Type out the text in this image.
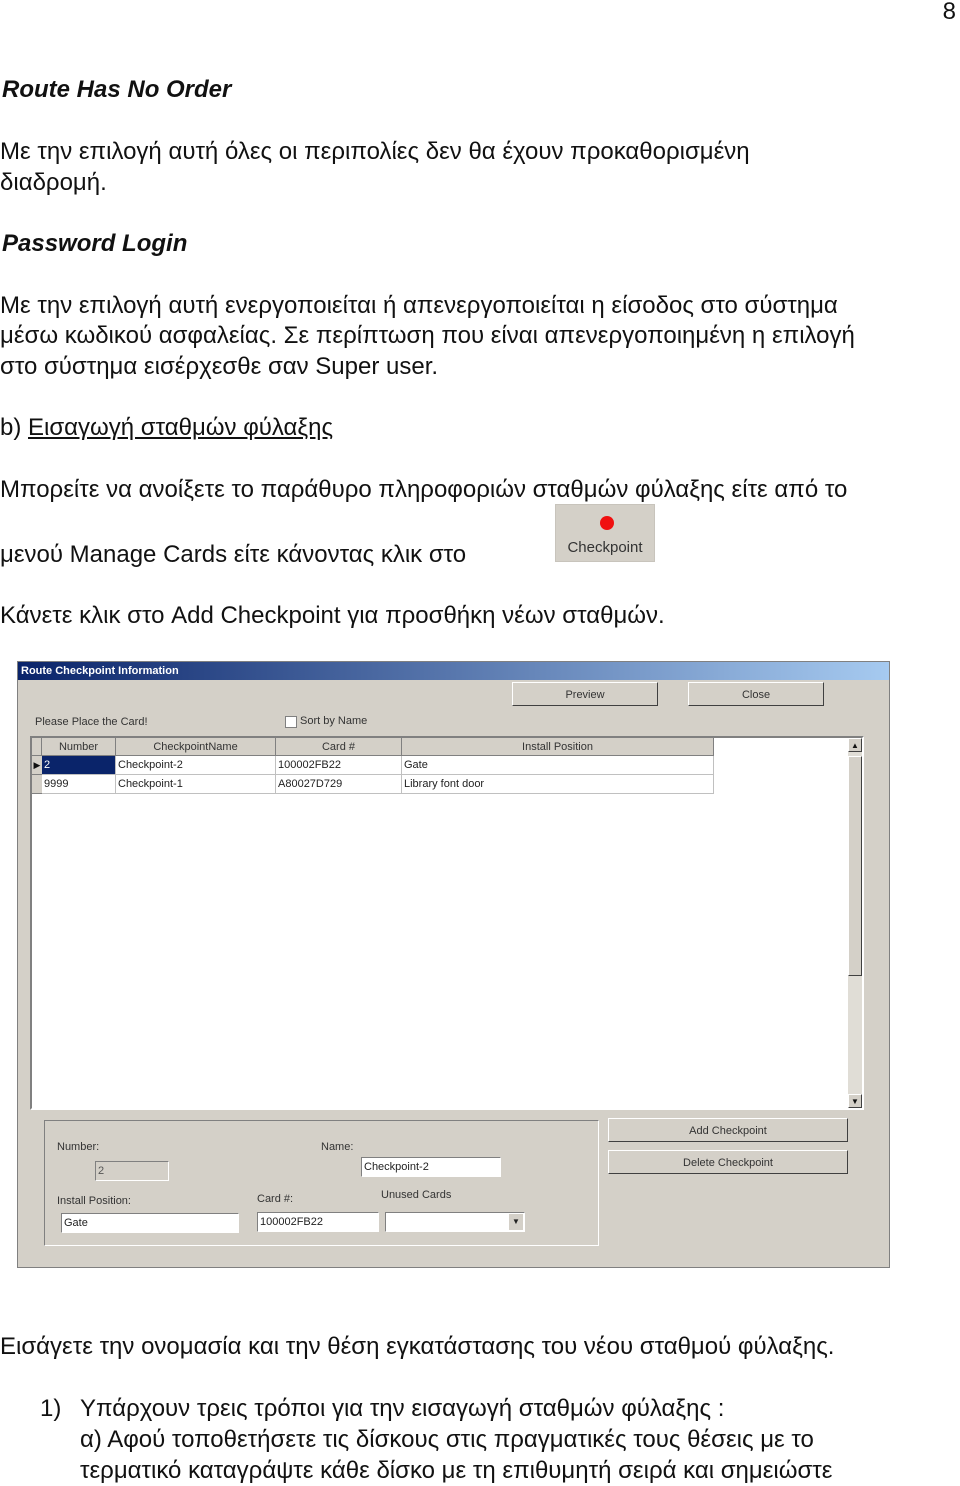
8
Route Has No Order
Με την επιλογή αυτή όλες οι περιπολίες δεν θα έχουν προκαθορισμένη
διαδρομή.
Password Login
Με την επιλογή αυτή ενεργοποιείται ή απενεργοποιείται η είσοδος στο σύστημα
μέσω κωδικού ασφαλείας. Σε περίπτωση που είναι απενεργοποιημένη η επιλογή
στο σύστημα εισέρχεσθε σαν Super user.
b) Εισαγωγή σταθμών φύλαξης
Μπορείτε να ανοίξετε το παράθυρο πληροφοριών σταθμών φύλαξης είτε από το
μενού Manage Cards είτε κάνοντας κλικ στο	Checkpoint
Κάνετε κλικ στο Add Checkpoint για προσθήκη νέων σταθμών.
Route Checkpoint Information
Preview	Close
Please Place the Card!	Sort by Name
Number	CheckpointName	Card #	Install Position
▶ 2	Checkpoint-2	100002FB22	Gate
9999	Checkpoint-1	A80027D729	Library font door
▲
▼
Number:
2
Name:
Checkpoint-2
Install Position:
Gate
Card #:
100002FB22
Unused Cards
▼
Add Checkpoint
Delete Checkpoint
Εισάγετε την ονομασία και την θέση εγκατάστασης του νέου σταθμού φύλαξης.
1) Υπάρχουν τρεις τρόποι για την εισαγωγή σταθμών φύλαξης :
α) Αφού τοποθετήσετε τις δίσκους στις πραγματικές τους θέσεις με το
τερματικό καταγράψτε κάθε δίσκο με τη επιθυμητή σειρά και σημειώστε
